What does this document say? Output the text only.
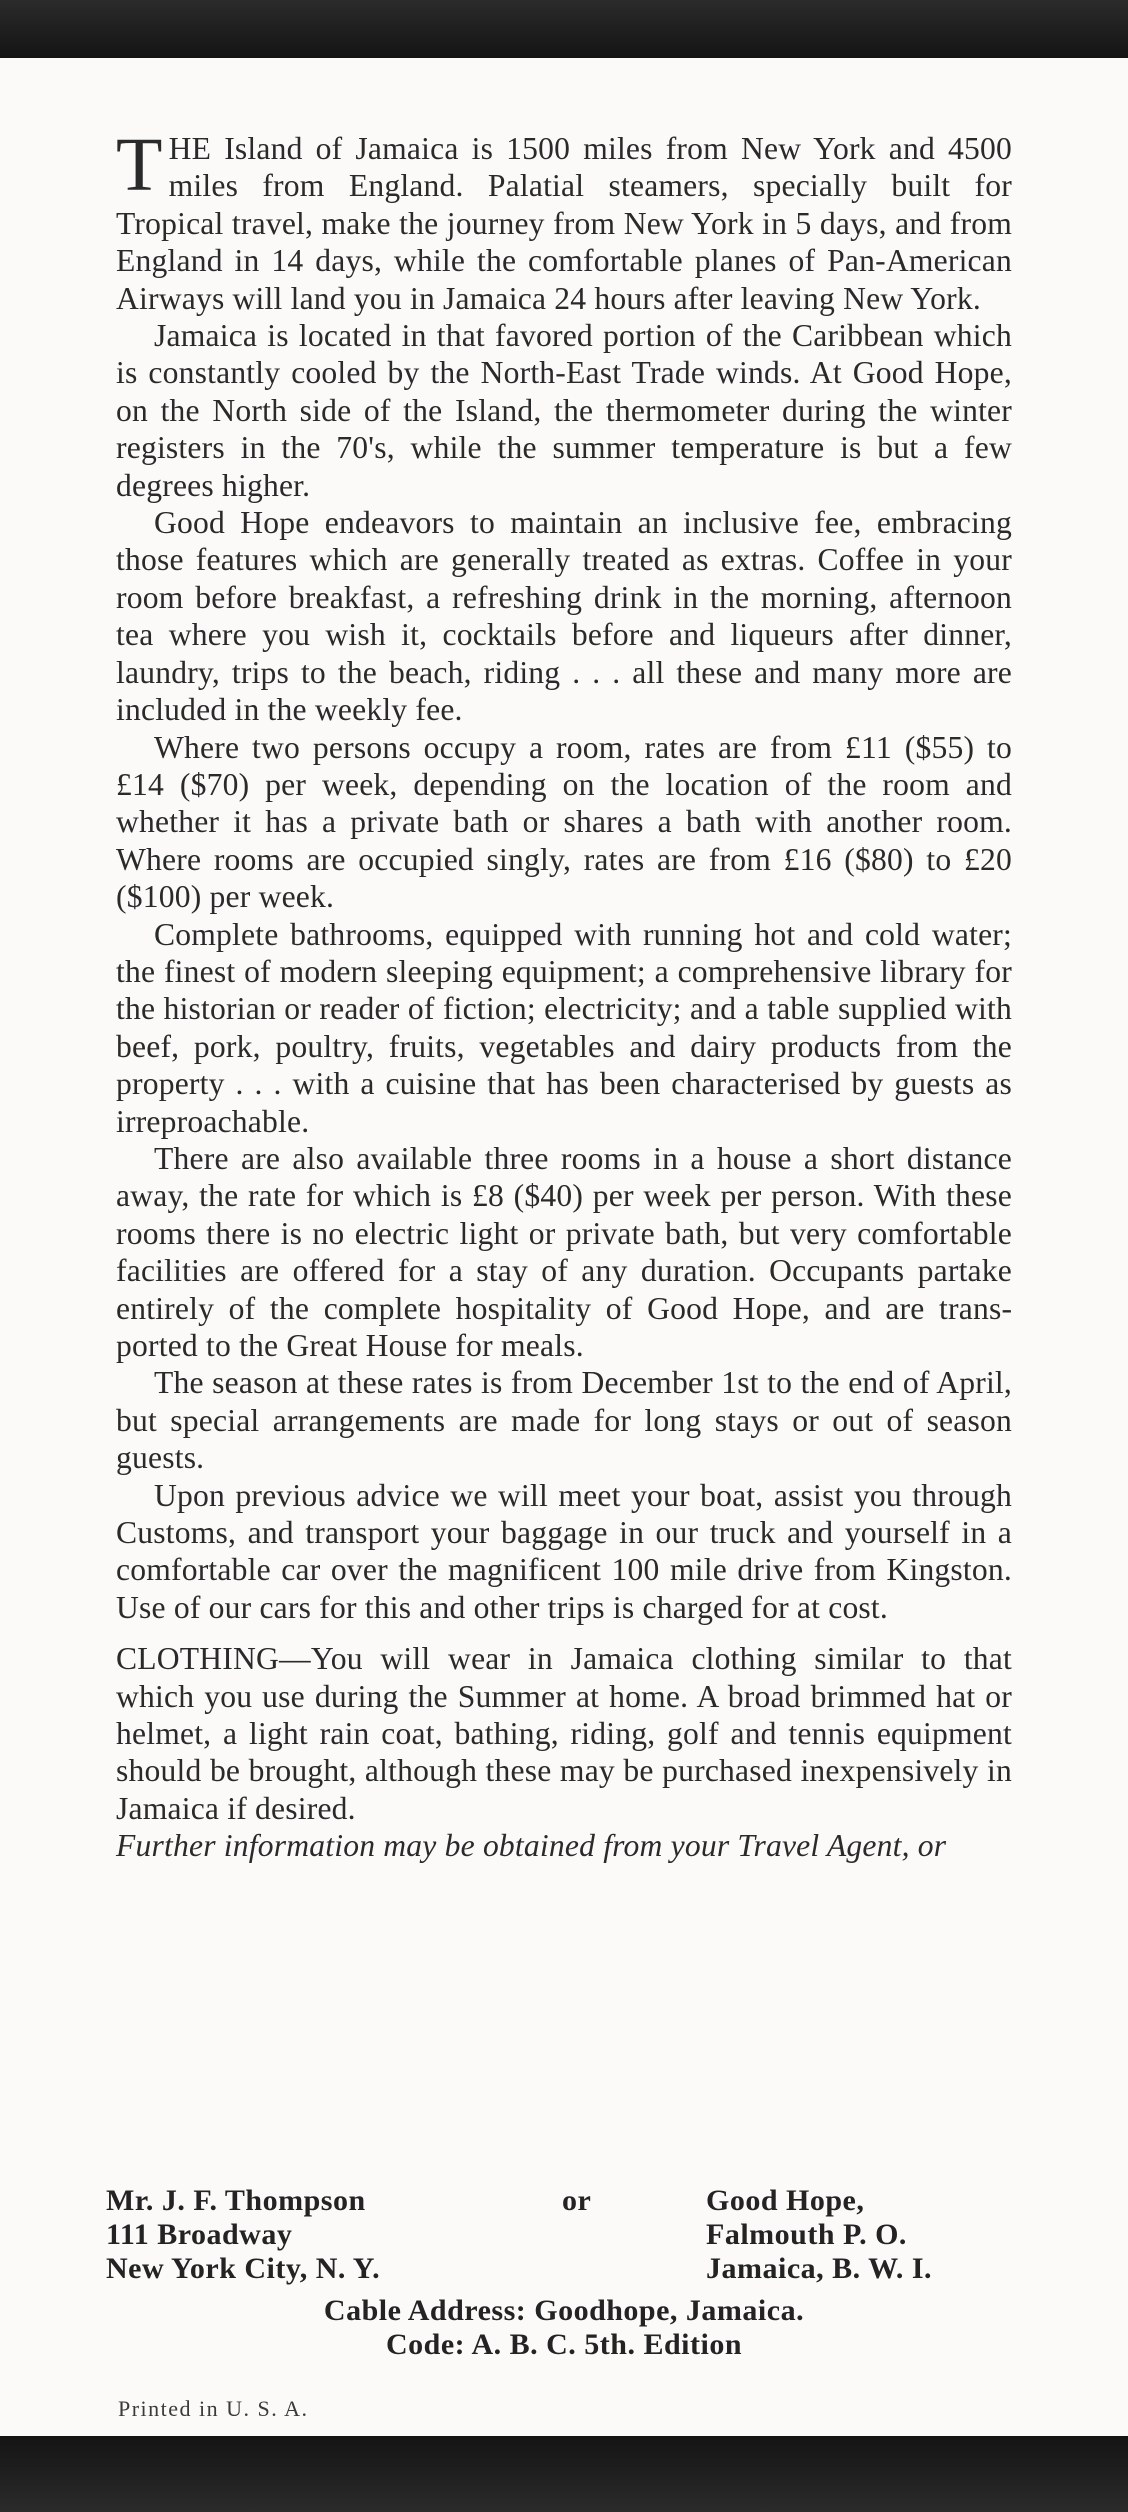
THE Island of Jamaica is 1500 miles from New York and 4500 miles from England. Palatial steamers, specially built for Tropical travel, make the journey from New York in 5 days, and from England in 14 days, while the comfortable planes of Pan-American Airways will land you in Jamaica 24 hours after leaving New York.

Jamaica is located in that favored portion of the Caribbean which is constantly cooled by the North-East Trade winds. At Good Hope, on the North side of the Island, the thermometer during the winter registers in the 70's, while the summer temperature is but a few degrees higher.

Good Hope endeavors to maintain an inclusive fee, embracing those features which are generally treated as extras. Coffee in your room before breakfast, a refreshing drink in the morning, afternoon tea where you wish it, cocktails before and liqueurs after dinner, laundry, trips to the beach, riding . . . all these and many more are included in the weekly fee.

Where two persons occupy a room, rates are from £11 ($55) to £14 ($70) per week, depending on the location of the room and whether it has a private bath or shares a bath with another room. Where rooms are occupied singly, rates are from £16 ($80) to £20 ($100) per week.

Complete bathrooms, equipped with running hot and cold water; the finest of modern sleeping equipment; a comprehensive library for the historian or reader of fiction; electricity; and a table supplied with beef, pork, poultry, fruits, vegetables and dairy products from the property . . . with a cuisine that has been characterised by guests as irreproachable.

There are also available three rooms in a house a short distance away, the rate for which is £8 ($40) per week per person. With these rooms there is no electric light or private bath, but very comfortable facilities are offered for a stay of any duration. Occupants partake entirely of the complete hospitality of Good Hope, and are transported to the Great House for meals.

The season at these rates is from December 1st to the end of April, but special arrangements are made for long stays or out of season guests.

Upon previous advice we will meet your boat, assist you through Customs, and transport your baggage in our truck and yourself in a comfortable car over the magnificent 100 mile drive from Kingston. Use of our cars for this and other trips is charged for at cost.

CLOTHING—You will wear in Jamaica clothing similar to that which you use during the Summer at home. A broad brimmed hat or helmet, a light rain coat, bathing, riding, golf and tennis equipment should be brought, although these may be purchased inexpensively in Jamaica if desired.

Further information may be obtained from your Travel Agent, or

Mr. J. F. Thompson
111 Broadway
New York City, N. Y.
or	Good Hope,
Falmouth P. O.
Jamaica, B. W. I.
Cable Address: Goodhope, Jamaica.
Code: A. B. C. 5th. Edition
Printed in U. S. A.
